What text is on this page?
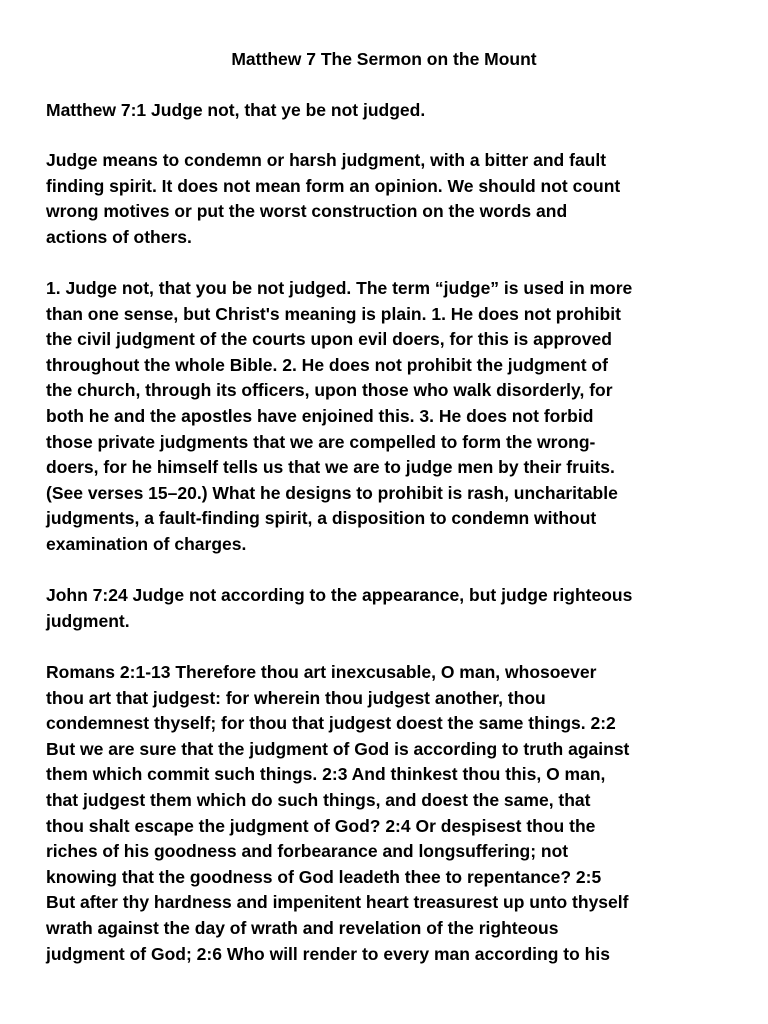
Matthew 7 The Sermon on the Mount

Matthew 7:1 Judge not, that ye be not judged.
Judge means to condemn or harsh judgment, with a bitter and fault
finding spirit. It does not mean form an opinion. We should not count
wrong motives or put the worst construction on the words and
actions of others.
1. Judge not, that you be not judged. The term “judge” is used in more
than one sense, but Christ's meaning is plain. 1. He does not prohibit
the civil judgment of the courts upon evil doers, for this is approved
throughout the whole Bible. 2. He does not prohibit the judgment of
the church, through its officers, upon those who walk disorderly, for
both he and the apostles have enjoined this. 3. He does not forbid
those private judgments that we are compelled to form the wrong-
doers, for he himself tells us that we are to judge men by their fruits.
(See verses 15–20.) What he designs to prohibit is rash, uncharitable
judgments, a fault-finding spirit, a disposition to condemn without
examination of charges.
John 7:24 Judge not according to the appearance, but judge righteous
judgment.
Romans 2:1-13 Therefore thou art inexcusable, O man, whosoever
thou art that judgest: for wherein thou judgest another, thou
condemnest thyself; for thou that judgest doest the same things. 2:2
But we are sure that the judgment of God is according to truth against
them which commit such things. 2:3 And thinkest thou this, O man,
that judgest them which do such things, and doest the same, that
thou shalt escape the judgment of God? 2:4 Or despisest thou the
riches of his goodness and forbearance and longsuffering; not
knowing that the goodness of God leadeth thee to repentance? 2:5
But after thy hardness and impenitent heart treasurest up unto thyself
wrath against the day of wrath and revelation of the righteous
judgment of God; 2:6 Who will render to every man according to his
